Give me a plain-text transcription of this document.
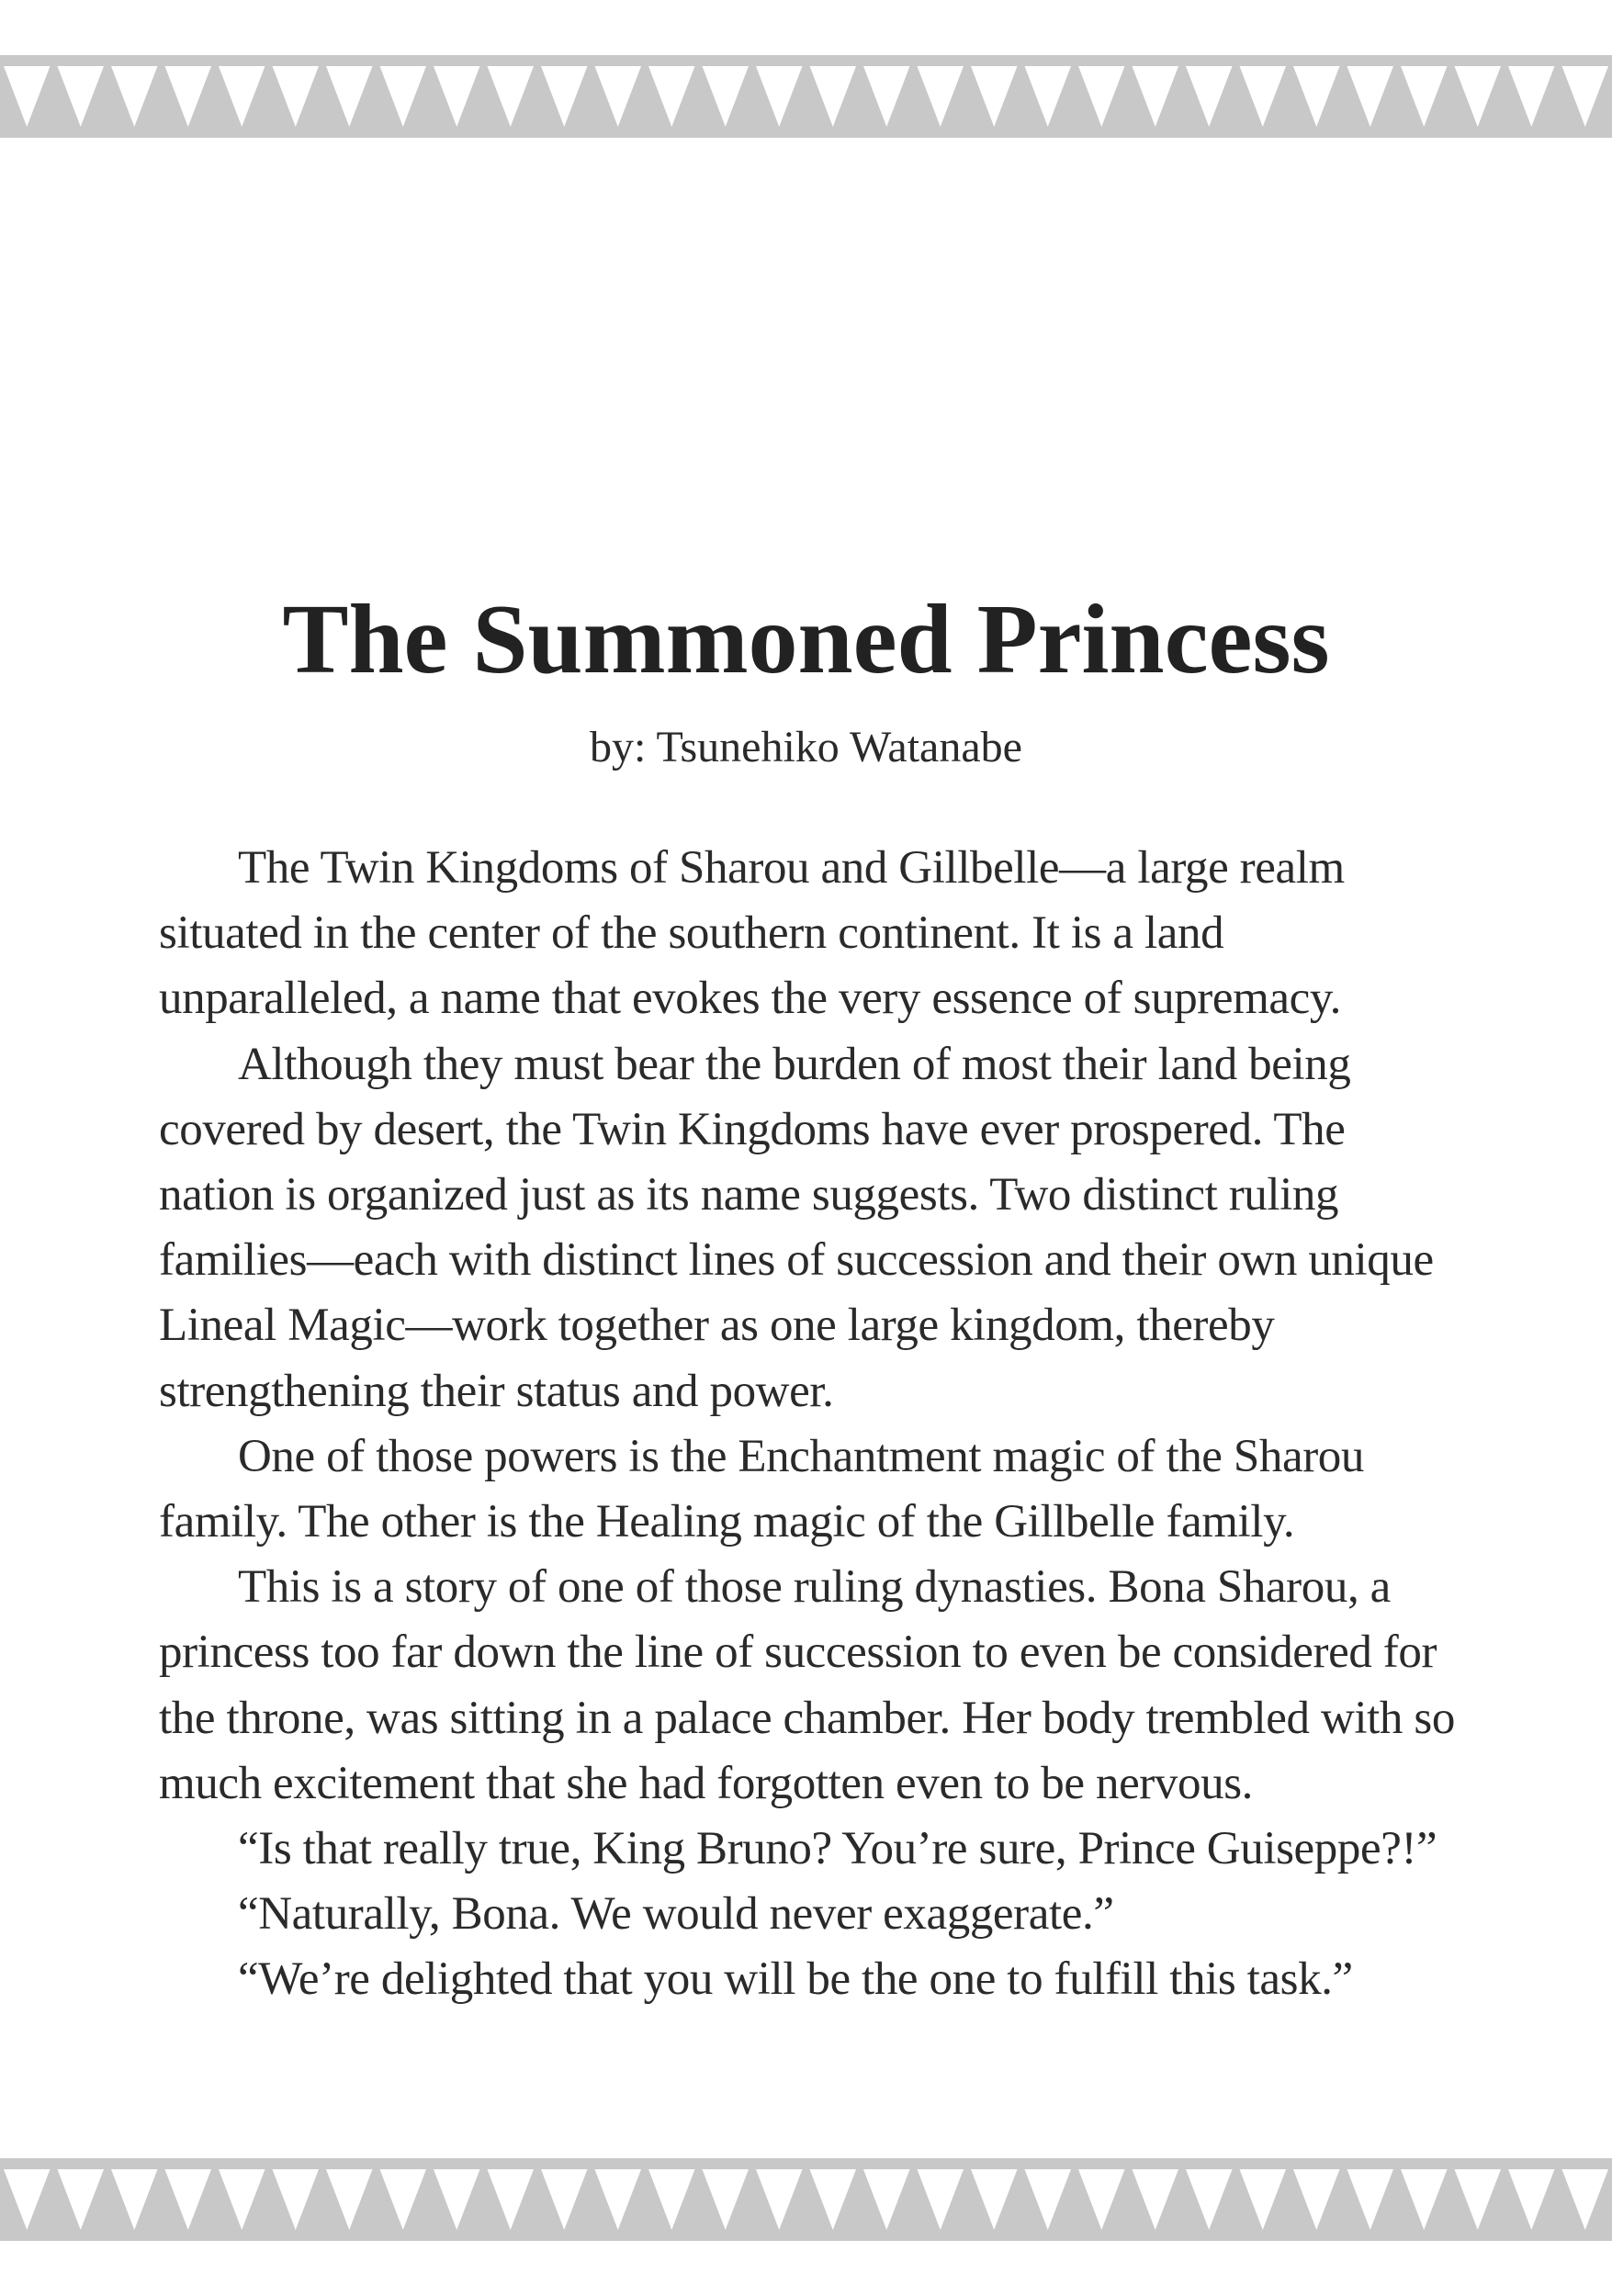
The Summoned Princess
by: Tsunehiko Watanabe

The Twin Kingdoms of Sharou and Gillbelle—a large realm situated in the center of the southern continent. It is a land unparalleled, a name that evokes the very essence of supremacy.

Although they must bear the burden of most their land being covered by desert, the Twin Kingdoms have ever prospered. The nation is organized just as its name suggests. Two distinct ruling families—each with distinct lines of succession and their own unique Lineal Magic—work together as one large kingdom, thereby strengthening their status and power.

One of those powers is the Enchantment magic of the Sharou family. The other is the Healing magic of the Gillbelle family.

This is a story of one of those ruling dynasties. Bona Sharou, a princess too far down the line of succession to even be considered for the throne, was sitting in a palace chamber. Her body trembled with so much excitement that she had forgotten even to be nervous.

“Is that really true, King Bruno? You’re sure, Prince Guiseppe?!”

“Naturally, Bona. We would never exaggerate.”

“We’re delighted that you will be the one to fulfill this task.”
